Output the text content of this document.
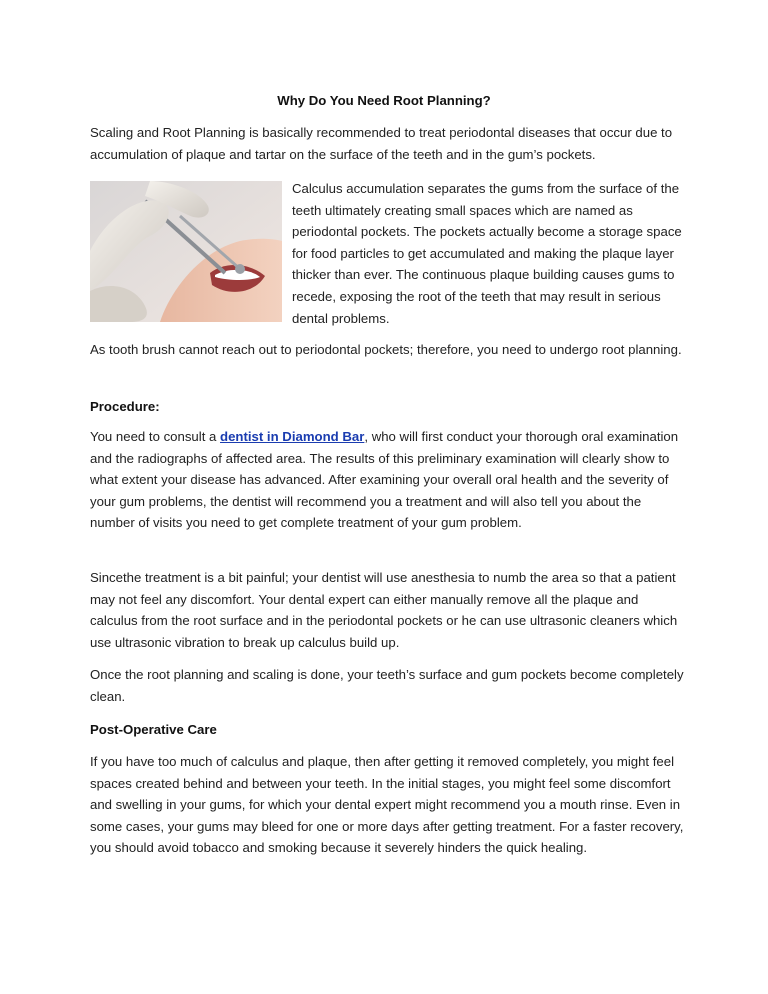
Why Do You Need Root Planning?

Scaling and Root Planning is basically recommended to treat periodontal diseases that occur due to accumulation of plaque and tartar on the surface of the teeth and in the gum’s pockets.

Calculus accumulation separates the gums from the surface of the teeth ultimately creating small spaces which are named as periodontal pockets. The pockets actually become a storage space for food particles to get accumulated and making the plaque layer thicker than ever. The continuous plaque building causes gums to recede, exposing the root of the teeth that may result in serious dental problems.

As tooth brush cannot reach out to periodontal pockets; therefore, you need to undergo root planning.

Procedure:

You need to consult a dentist in Diamond Bar, who will first conduct your thorough oral examination and the radiographs of affected area. The results of this preliminary examination will clearly show to what extent your disease has advanced. After examining your overall oral health and the severity of your gum problems, the dentist will recommend you a treatment and will also tell you about the number of visits you need to get complete treatment of your gum problem.

Sincethe treatment is a bit painful; your dentist will use anesthesia to numb the area so that a patient may not feel any discomfort. Your dental expert can either manually remove all the plaque and calculus from the root surface and in the periodontal pockets or he can use ultrasonic cleaners which use ultrasonic vibration to break up calculus build up.

Once the root planning and scaling is done, your teeth’s surface and gum pockets become completely clean.

Post-Operative Care

If you have too much of calculus and plaque, then after getting it removed completely, you might feel spaces created behind and between your teeth. In the initial stages, you might feel some discomfort and swelling in your gums, for which your dental expert might recommend you a mouth rinse. Even in some cases, your gums may bleed for one or more days after getting treatment. For a faster recovery, you should avoid tobacco and smoking because it severely hinders the quick healing.
